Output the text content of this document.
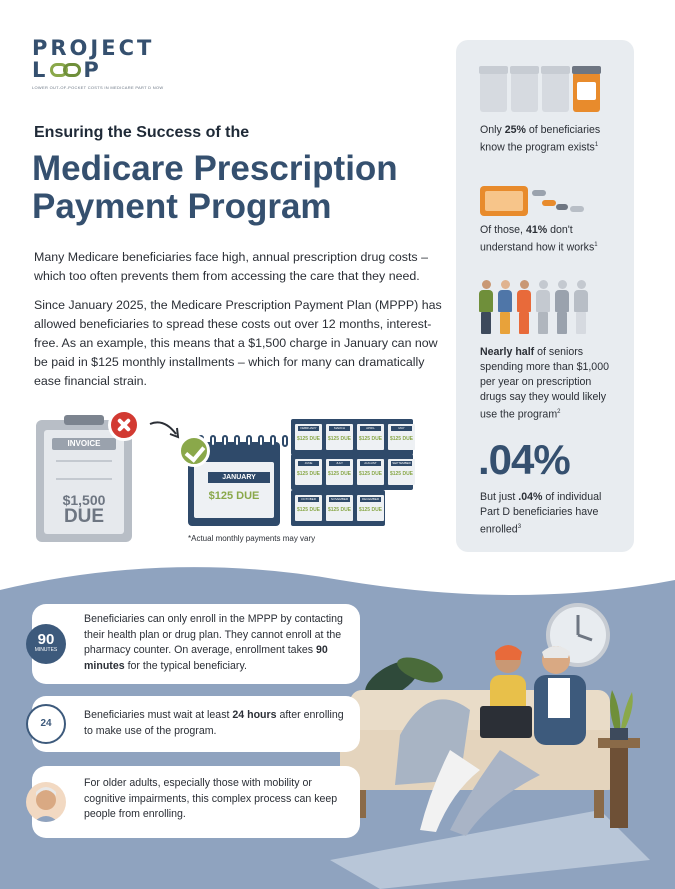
PROJECT
L P
LOWER OUT-OF-POCKET COSTS IN MEDICARE PART D NOW
Ensuring the Success of the
Medicare Prescription Payment Program
Many Medicare beneficiaries face high, annual prescription drug costs – which too often prevents them from accessing the care that they need.
Since January 2025, the Medicare Prescription Payment Plan (MPPP) has allowed beneficiaries to spread these costs out over 12 months, interest-free. As an example, this means that a $1,500 charge in January can now be paid in $125 monthly installments – which for many can dramatically ease financial strain.
INVOICE
$1,500
DUE
JANUARY
$125 DUE
FEBRUARY
$125 DUE
MARCH
$125 DUE
APRIL
$125 DUE
MAY
$125 DUE
JUNE
$125 DUE
JULY
$125 DUE
AUGUST
$125 DUE
SEPTEMBER
$125 DUE
OCTOBER
$125 DUE
NOVEMBER
$125 DUE
DECEMBER
$125 DUE
*Actual monthly payments may vary
Only 25% of beneficiaries know the program exists$^1$
Of those, 41% don't understand how it works$^1$
Nearly half of seniors spending more than $1,000 per year on prescription drugs say they would likely use the program$^2$
.04%
But just .04% of individual Part D beneficiaries have enrolled$^3$
90
MINUTES
Beneficiaries can only enroll in the MPPP by contacting their health plan or drug plan. They cannot enroll at the pharmacy counter. On average, enrollment takes 90 minutes for the typical beneficiary.
24
Beneficiaries must wait at least 24 hours after enrolling to make use of the program.
For older adults, especially those with mobility or cognitive impairments, this complex process can keep people from enrolling.
